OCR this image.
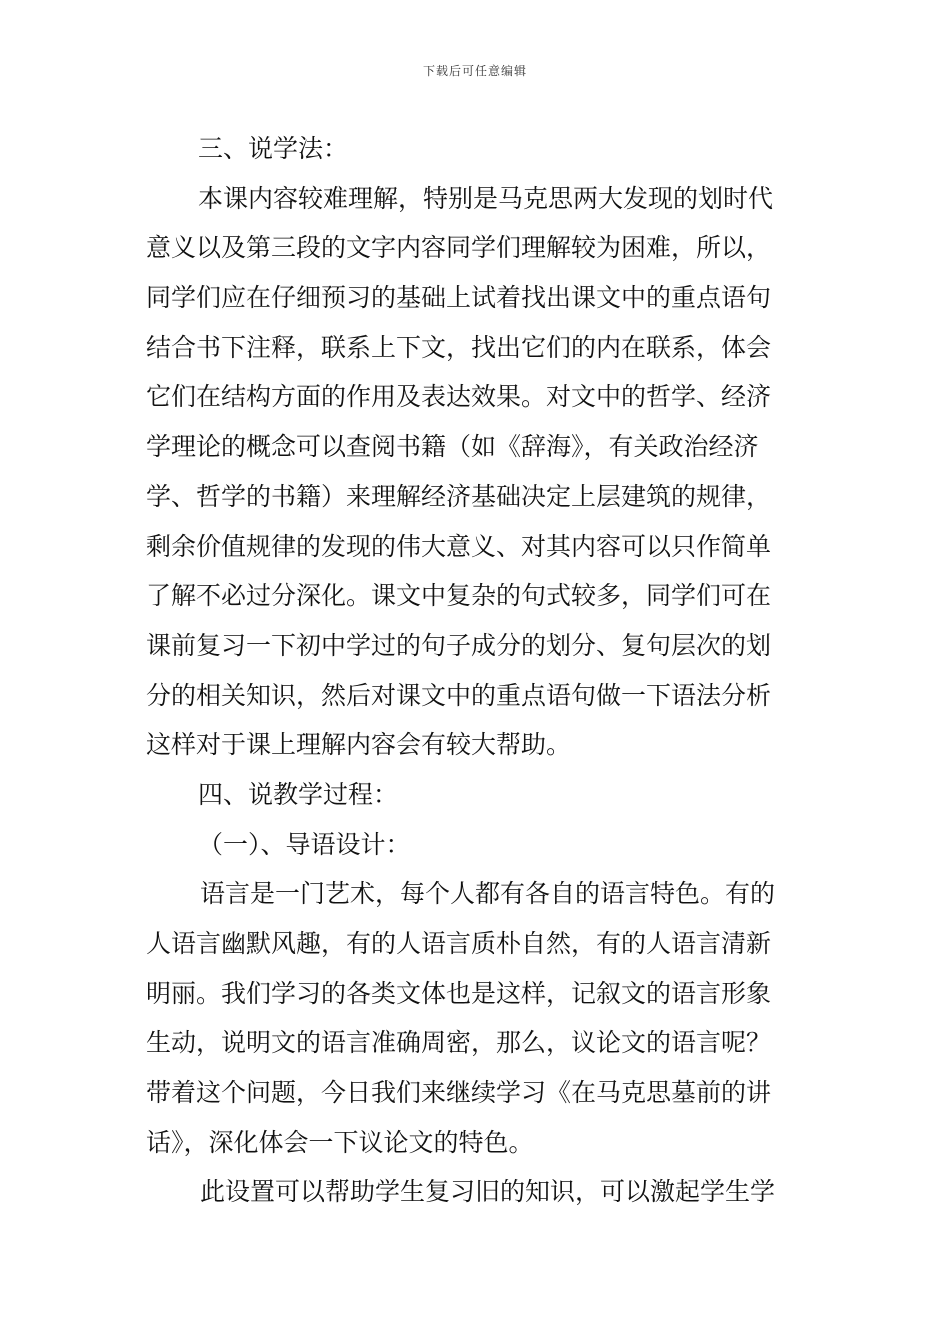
下载后可任意编辑
三、说学法：
本课内容较难理解，特别是马克思两大发现的划时代
意义以及第三段的文字内容同学们理解较为困难，所以，
同学们应在仔细预习的基础上试着找出课文中的重点语句
结合书下注释，联系上下文，找出它们的内在联系，体会
它们在结构方面的作用及表达效果。对文中的哲学、经济
学理论的概念可以查阅书籍（如《辞海》，有关政治经济
学、哲学的书籍）来理解经济基础决定上层建筑的规律，
剩余价值规律的发现的伟大意义、对其内容可以只作简单
了解不必过分深化。课文中复杂的句式较多，同学们可在
课前复习一下初中学过的句子成分的划分、复句层次的划
分的相关知识，然后对课文中的重点语句做一下语法分析
这样对于课上理解内容会有较大帮助。
四、说教学过程：
（一）、导语设计：
语言是一门艺术，每个人都有各自的语言特色。有的
人语言幽默风趣，有的人语言质朴自然，有的人语言清新
明丽。我们学习的各类文体也是这样，记叙文的语言形象
生动，说明文的语言准确周密，那么，议论文的语言呢？
带着这个问题，今日我们来继续学习《在马克思墓前的讲
话》，深化体会一下议论文的特色。
此设置可以帮助学生复习旧的知识，可以激起学生学
